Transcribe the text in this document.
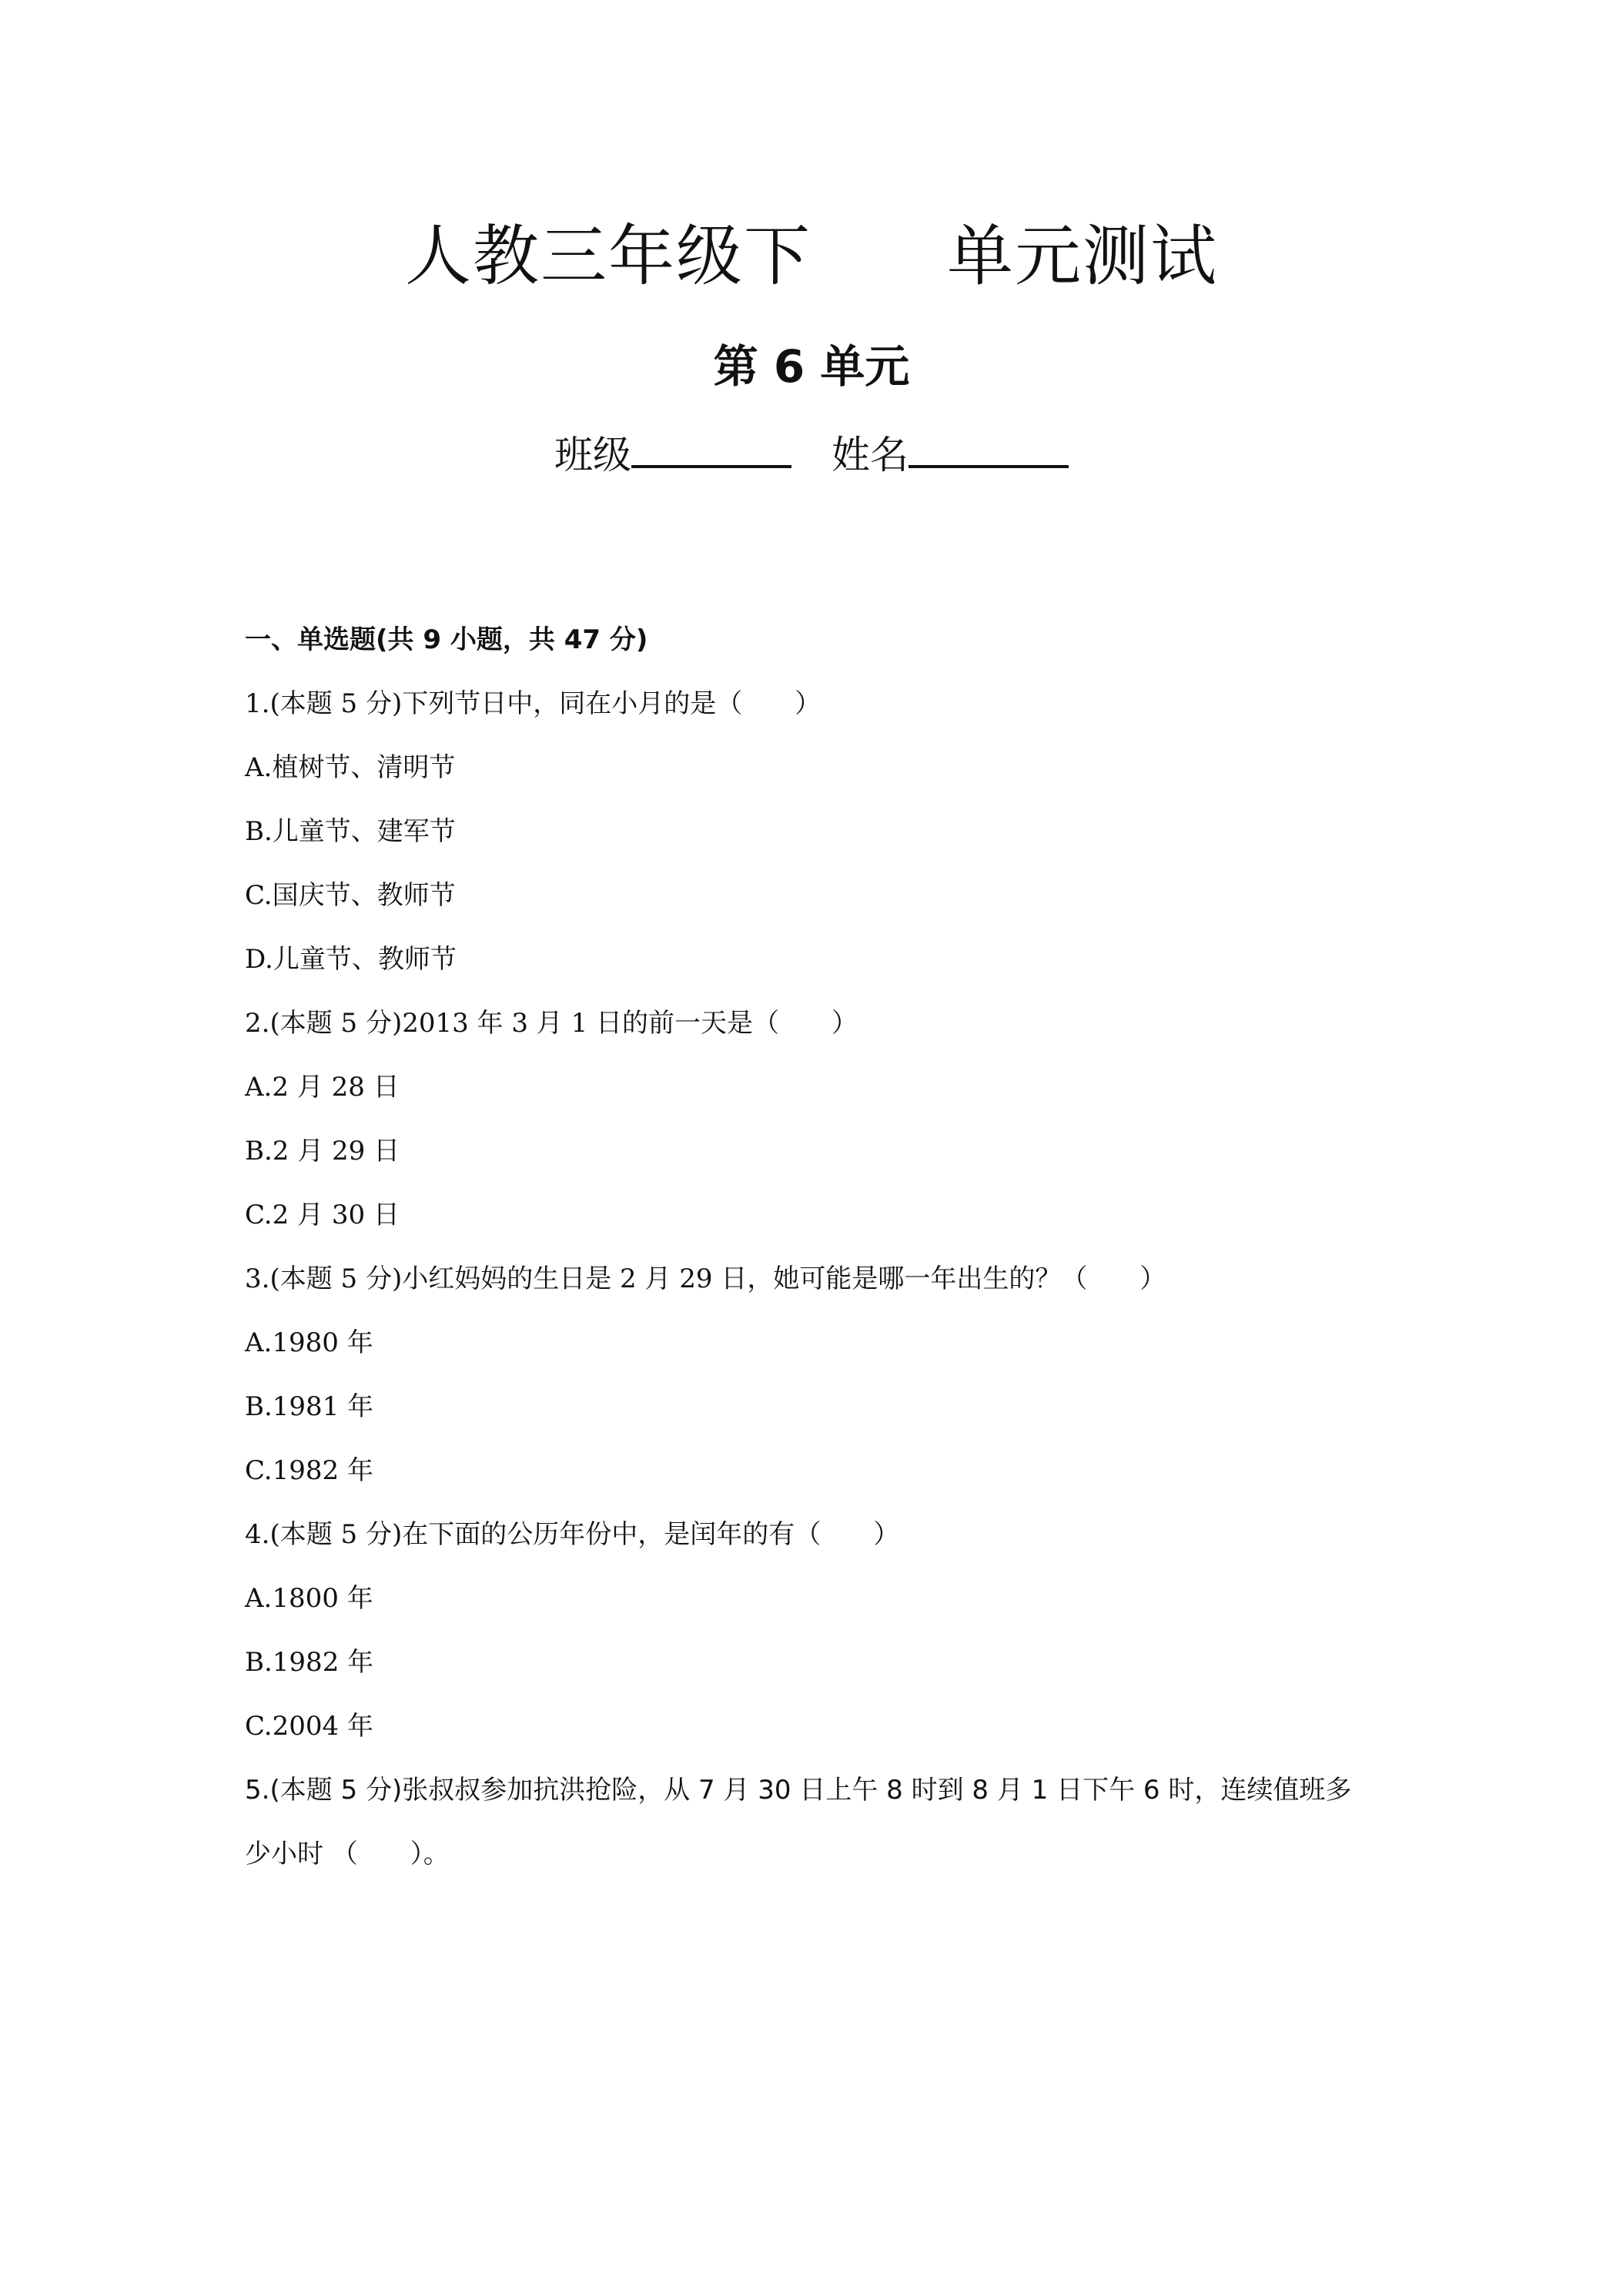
人教三年级下　　单元测试
第 6 单元
班级	姓名
一、单选题(共 9 小题，共 47 分)
1.(本题 5 分)下列节日中，同在小月的是（　　）
A.植树节、清明节
B.儿童节、建军节
C.国庆节、教师节
D.儿童节、教师节
2.(本题 5 分)2013 年 3 月 1 日的前一天是（　　）
A.2 月 28 日
B.2 月 29 日
C.2 月 30 日
3.(本题 5 分)小红妈妈的生日是 2 月 29 日，她可能是哪一年出生的？（　　）
A.1980 年
B.1981 年
C.1982 年
4.(本题 5 分)在下面的公历年份中，是闰年的有（　　）
A.1800 年
B.1982 年
C.2004 年
5.(本题 5 分)张叔叔参加抗洪抢险，从 7 月 30 日上午 8 时到 8 月 1 日下午 6 时，连续值班多
少小时 （　　）。
